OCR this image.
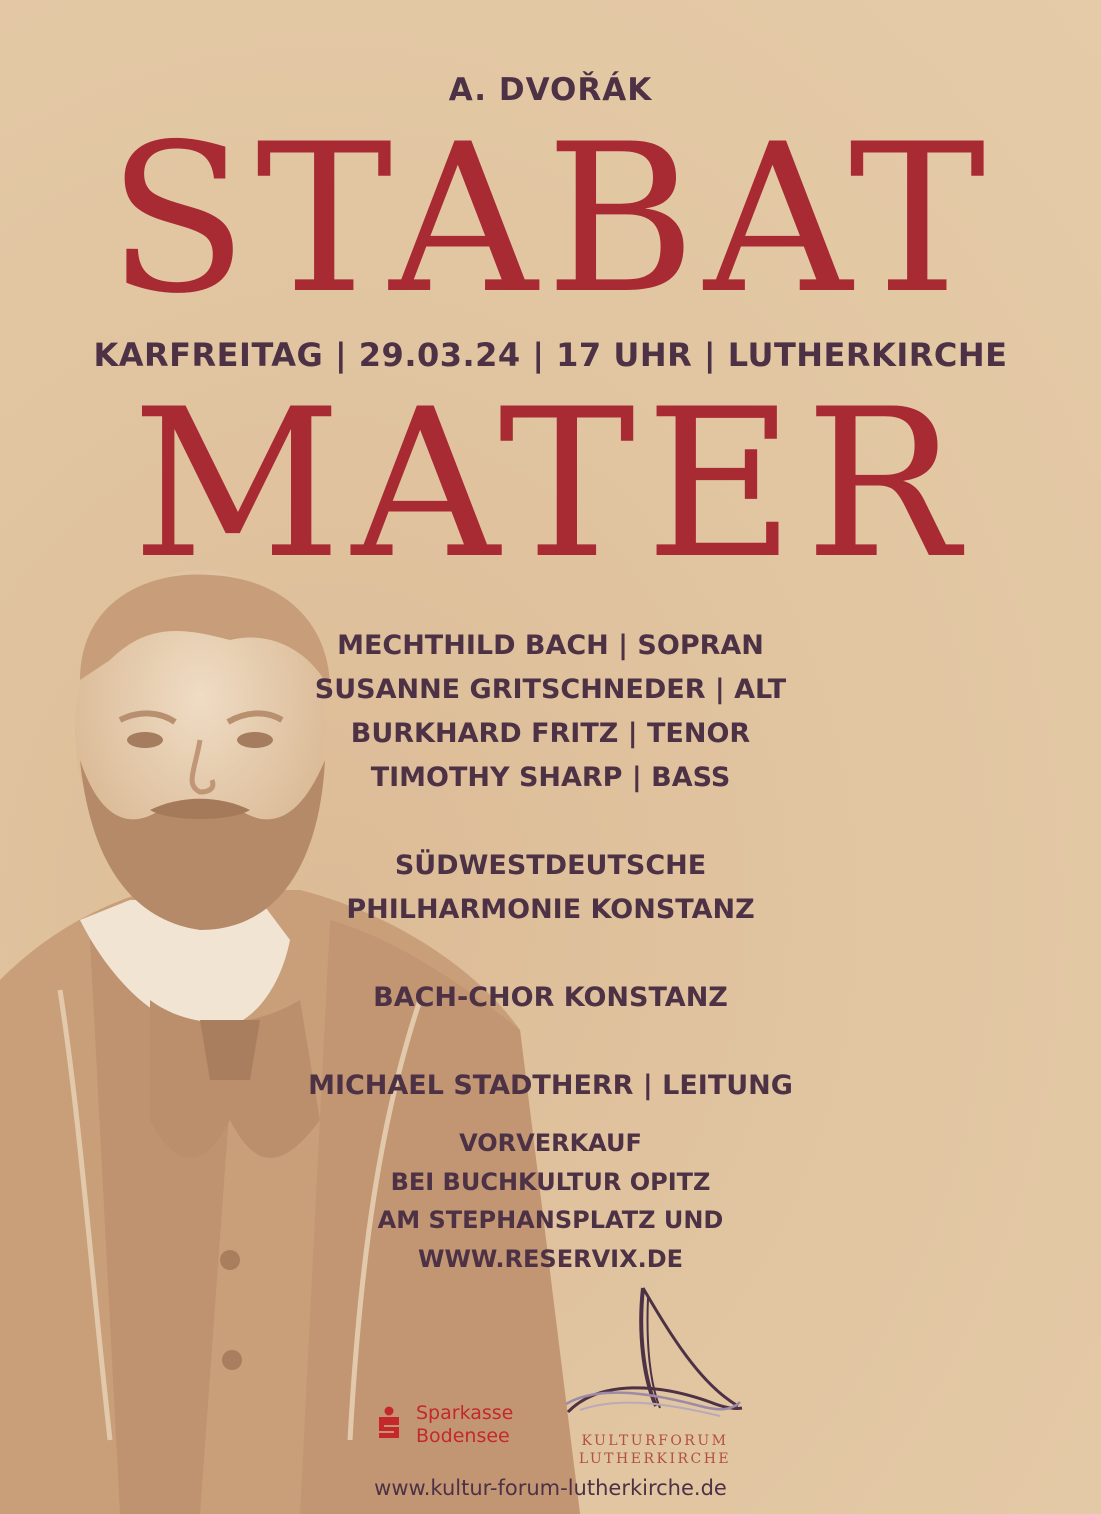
A. DVOŘÁK
STABAT
KARFREITAG | 29.03.24 | 17 UHR | LUTHERKIRCHE
MATER
MECHTHILD BACH | SOPRAN
SUSANNE GRITSCHNEDER | ALT
BURKHARD FRITZ | TENOR
TIMOTHY SHARP | BASS
SÜDWESTDEUTSCHE
PHILHARMONIE KONSTANZ
BACH-CHOR KONSTANZ
MICHAEL STADTHERR | LEITUNG
VORVERKAUF
BEI BUCHKULTUR OPITZ
AM STEPHANSPLATZ UND
WWW.RESERVIX.DE
Sparkasse
Bodensee	KULTURFORUM
LUTHERKIRCHE
www.kultur-forum-lutherkirche.de
